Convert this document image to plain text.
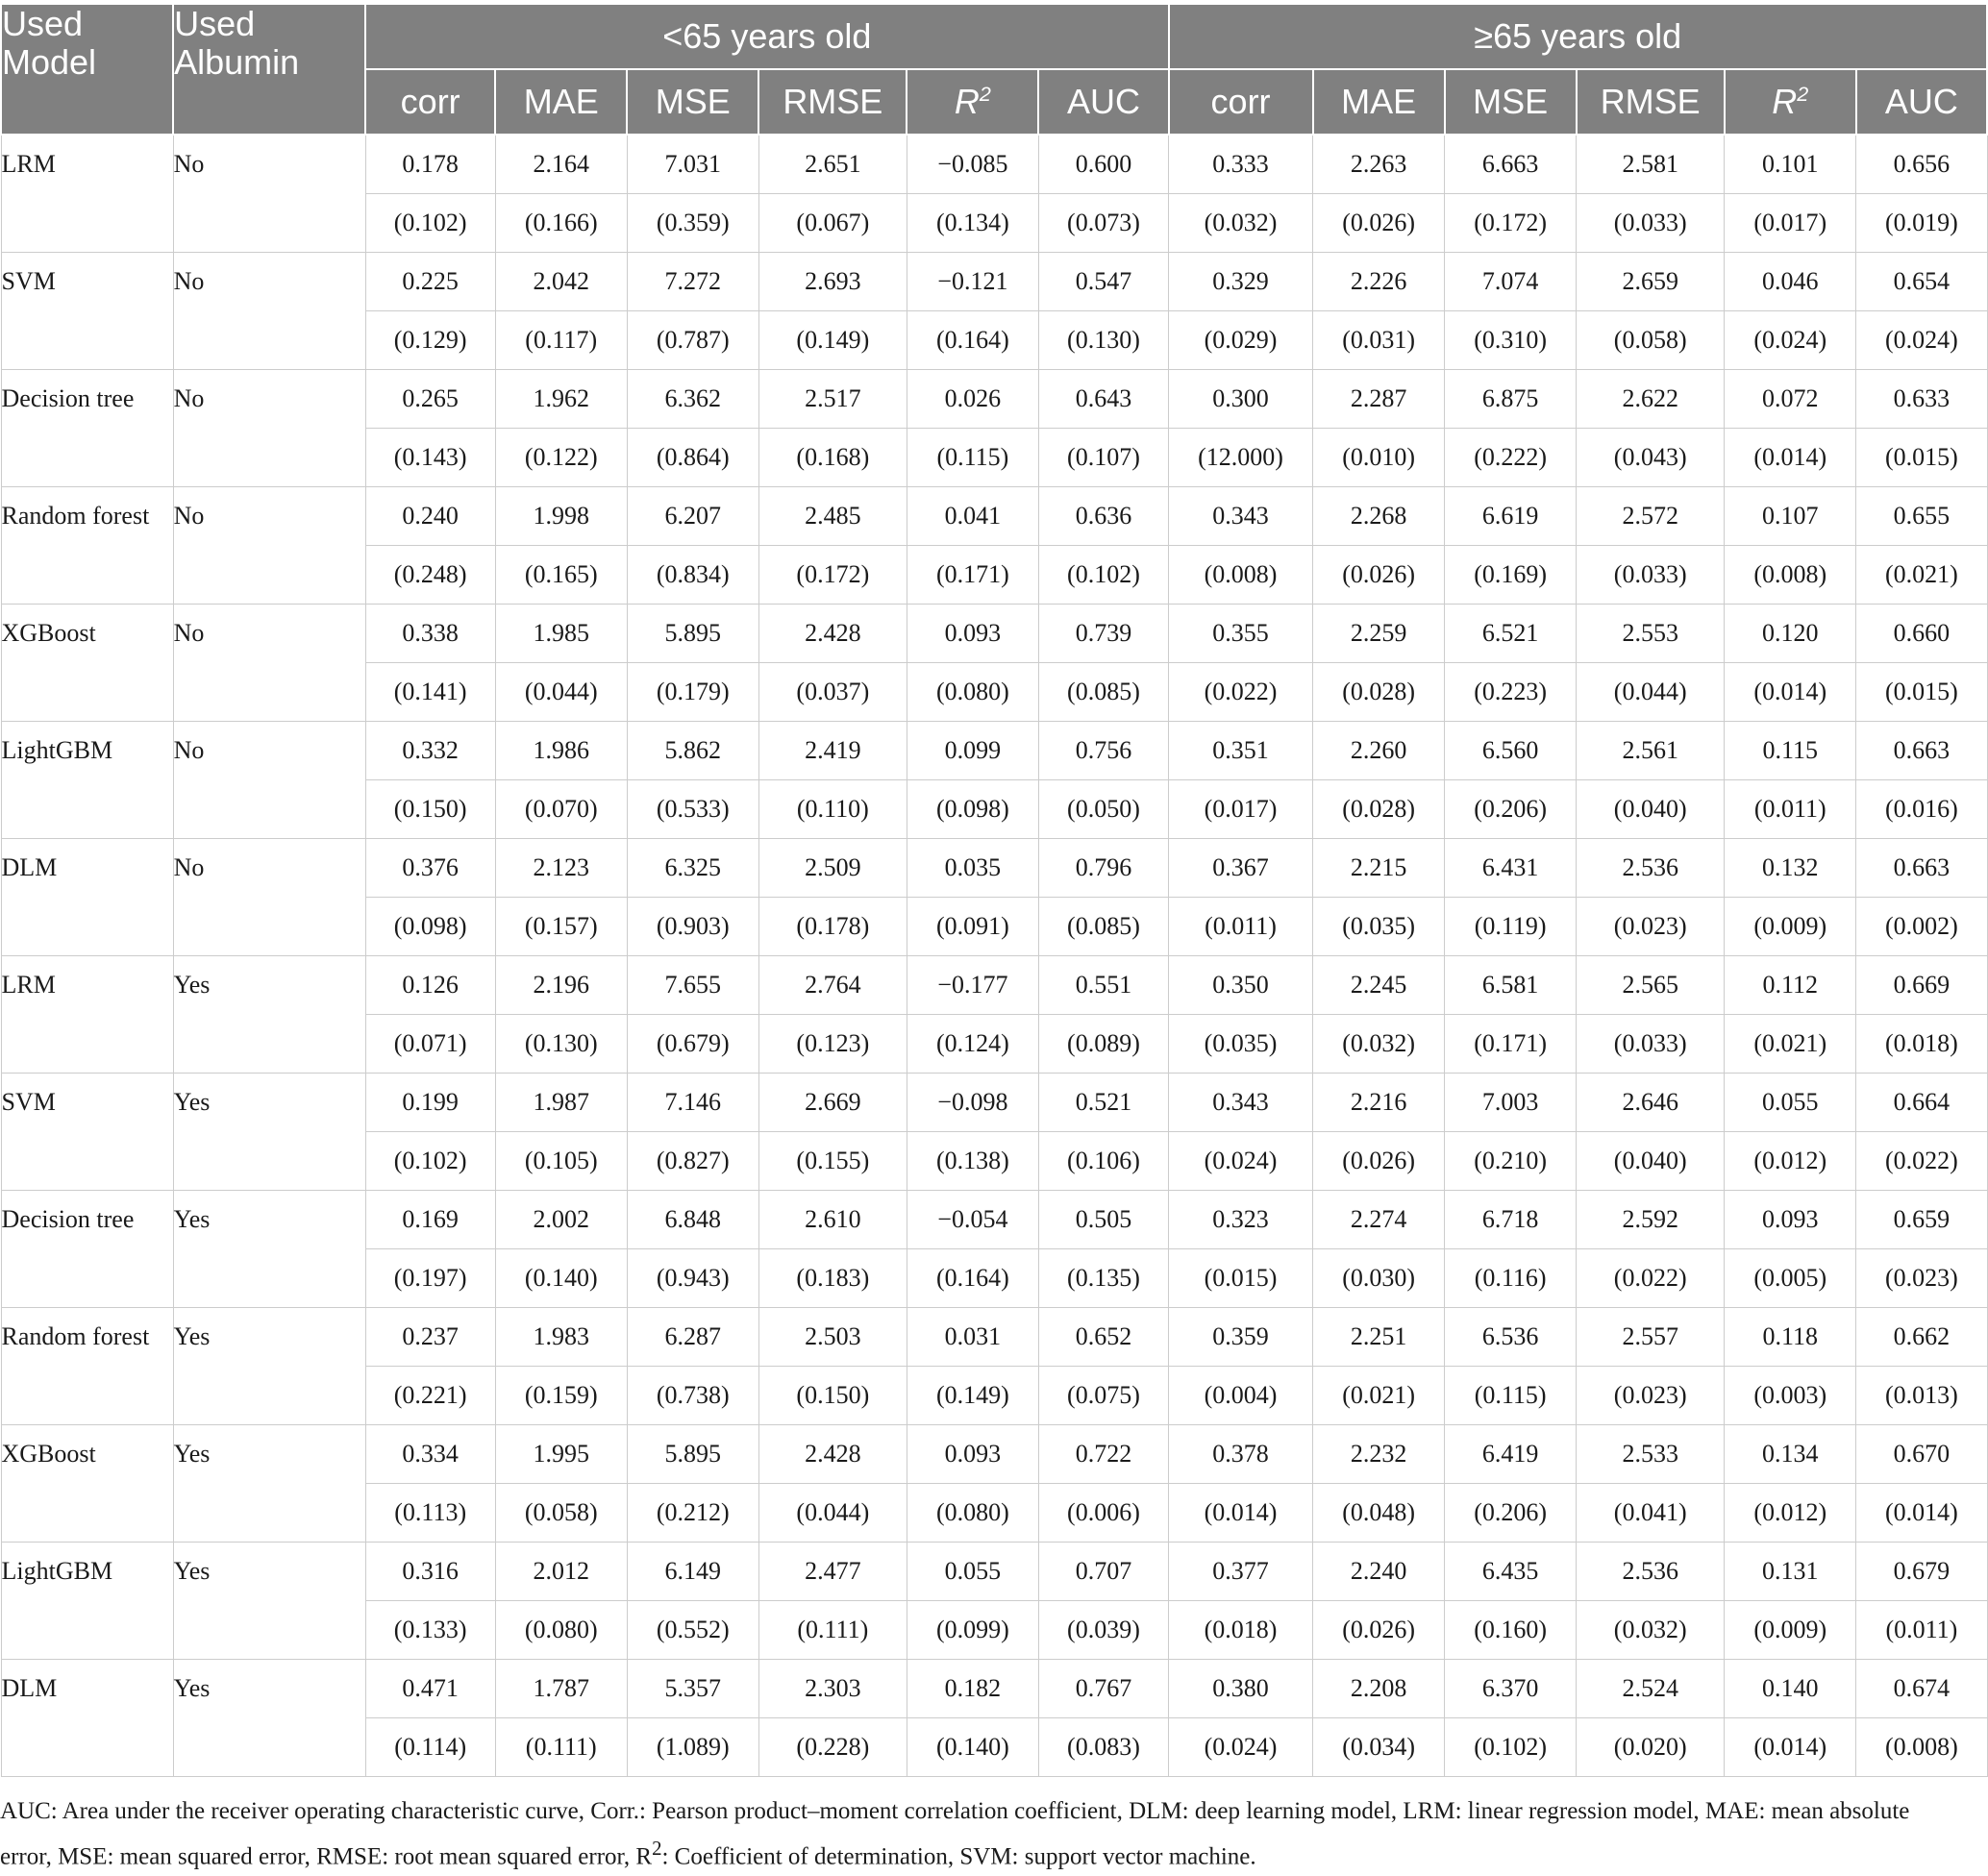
Used Model	Used Albumin	<65 years old						≥65 years old					
		corr	MAE	MSE	RMSE	$R^2$	AUC	corr	MAE	MSE	RMSE	$R^2$	AUC

LRM	No	0.178	2.164	7.031	2.651	−0.085	0.600	0.333	2.263	6.663	2.581	0.101	0.656
		(0.102)	(0.166)	(0.359)	(0.067)	(0.134)	(0.073)	(0.032)	(0.026)	(0.172)	(0.033)	(0.017)	(0.019)

SVM	No	0.225	2.042	7.272	2.693	−0.121	0.547	0.329	2.226	7.074	2.659	0.046	0.654
		(0.129)	(0.117)	(0.787)	(0.149)	(0.164)	(0.130)	(0.029)	(0.031)	(0.310)	(0.058)	(0.024)	(0.024)

Decision tree	No	0.265	1.962	6.362	2.517	0.026	0.643	0.300	2.287	6.875	2.622	0.072	0.633
		(0.143)	(0.122)	(0.864)	(0.168)	(0.115)	(0.107)	(12.000)	(0.010)	(0.222)	(0.043)	(0.014)	(0.015)

Random forest	No	0.240	1.998	6.207	2.485	0.041	0.636	0.343	2.268	6.619	2.572	0.107	0.655
		(0.248)	(0.165)	(0.834)	(0.172)	(0.171)	(0.102)	(0.008)	(0.026)	(0.169)	(0.033)	(0.008)	(0.021)

XGBoost	No	0.338	1.985	5.895	2.428	0.093	0.739	0.355	2.259	6.521	2.553	0.120	0.660
		(0.141)	(0.044)	(0.179)	(0.037)	(0.080)	(0.085)	(0.022)	(0.028)	(0.223)	(0.044)	(0.014)	(0.015)

LightGBM	No	0.332	1.986	5.862	2.419	0.099	0.756	0.351	2.260	6.560	2.561	0.115	0.663
		(0.150)	(0.070)	(0.533)	(0.110)	(0.098)	(0.050)	(0.017)	(0.028)	(0.206)	(0.040)	(0.011)	(0.016)

DLM	No	0.376	2.123	6.325	2.509	0.035	0.796	0.367	2.215	6.431	2.536	0.132	0.663
		(0.098)	(0.157)	(0.903)	(0.178)	(0.091)	(0.085)	(0.011)	(0.035)	(0.119)	(0.023)	(0.009)	(0.002)

LRM	Yes	0.126	2.196	7.655	2.764	−0.177	0.551	0.350	2.245	6.581	2.565	0.112	0.669
		(0.071)	(0.130)	(0.679)	(0.123)	(0.124)	(0.089)	(0.035)	(0.032)	(0.171)	(0.033)	(0.021)	(0.018)

SVM	Yes	0.199	1.987	7.146	2.669	−0.098	0.521	0.343	2.216	7.003	2.646	0.055	0.664
		(0.102)	(0.105)	(0.827)	(0.155)	(0.138)	(0.106)	(0.024)	(0.026)	(0.210)	(0.040)	(0.012)	(0.022)

Decision tree	Yes	0.169	2.002	6.848	2.610	−0.054	0.505	0.323	2.274	6.718	2.592	0.093	0.659
		(0.197)	(0.140)	(0.943)	(0.183)	(0.164)	(0.135)	(0.015)	(0.030)	(0.116)	(0.022)	(0.005)	(0.023)

Random forest	Yes	0.237	1.983	6.287	2.503	0.031	0.652	0.359	2.251	6.536	2.557	0.118	0.662
		(0.221)	(0.159)	(0.738)	(0.150)	(0.149)	(0.075)	(0.004)	(0.021)	(0.115)	(0.023)	(0.003)	(0.013)

XGBoost	Yes	0.334	1.995	5.895	2.428	0.093	0.722	0.378	2.232	6.419	2.533	0.134	0.670
		(0.113)	(0.058)	(0.212)	(0.044)	(0.080)	(0.006)	(0.014)	(0.048)	(0.206)	(0.041)	(0.012)	(0.014)

LightGBM	Yes	0.316	2.012	6.149	2.477	0.055	0.707	0.377	2.240	6.435	2.536	0.131	0.679
		(0.133)	(0.080)	(0.552)	(0.111)	(0.099)	(0.039)	(0.018)	(0.026)	(0.160)	(0.032)	(0.009)	(0.011)

DLM	Yes	0.471	1.787	5.357	2.303	0.182	0.767	0.380	2.208	6.370	2.524	0.140	0.674
		(0.114)	(0.111)	(1.089)	(0.228)	(0.140)	(0.083)	(0.024)	(0.034)	(0.102)	(0.020)	(0.014)	(0.008)

AUC: Area under the receiver operating characteristic curve, Corr.: Pearson product–moment correlation coefficient, DLM: deep learning model, LRM: linear regression model, MAE: mean absolute error, MSE: mean squared error, RMSE: root mean squared error, $R^2$: Coefficient of determination, SVM: support vector machine.
